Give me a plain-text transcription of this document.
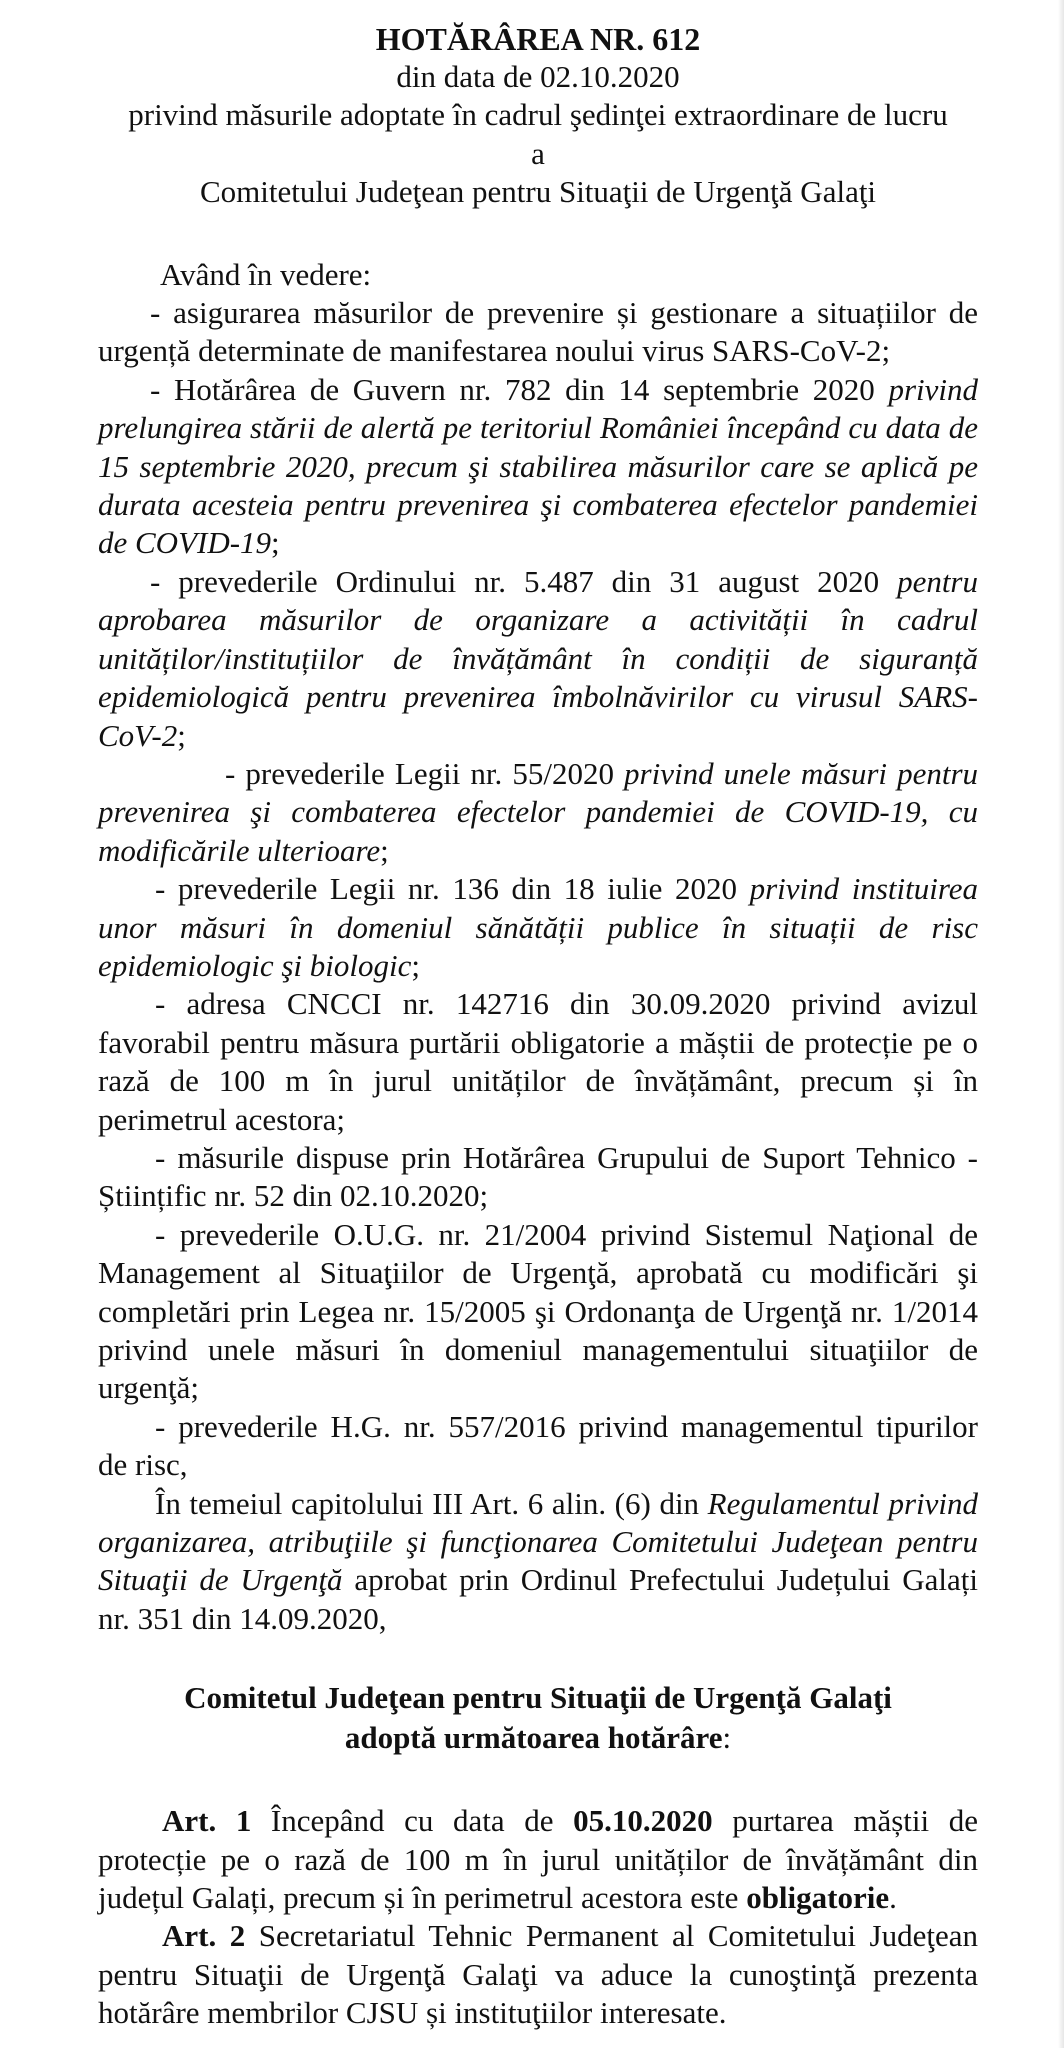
HOTĂRÂREA NR. 612
din data de 02.10.2020
privind măsurile adoptate în cadrul şedinţei extraordinare de lucru
a
Comitetului Judeţean pentru Situaţii de Urgenţă Galaţi

Având în vedere:

- asigurarea măsurilor de prevenire și gestionare a situațiilor de urgență determinate de manifestarea noului virus SARS-CoV-2;

- Hotărârea de Guvern nr. 782 din 14 septembrie 2020 privind prelungirea stării de alertă pe teritoriul României începând cu data de 15 septembrie 2020, precum şi stabilirea măsurilor care se aplică pe durata acesteia pentru prevenirea şi combaterea efectelor pandemiei de COVID-19;

- prevederile Ordinului nr. 5.487 din 31 august 2020 pentru aprobarea măsurilor de organizare a activității în cadrul unităților/instituțiilor de învățământ în condiții de siguranță epidemiologică pentru prevenirea îmbolnăvirilor cu virusul SARS-CoV-2;

- prevederile Legii nr. 55/2020 privind unele măsuri pentru prevenirea şi combaterea efectelor pandemiei de COVID-19, cu modificările ulterioare;

- prevederile Legii nr. 136 din 18 iulie 2020 privind instituirea unor măsuri în domeniul sănătății publice în situații de risc epidemiologic şi biologic;

- adresa CNCCI nr. 142716 din 30.09.2020 privind avizul favorabil pentru măsura purtării obligatorie a măștii de protecție pe o rază de 100 m în jurul unităților de învățământ, precum și în perimetrul acestora;

- măsurile dispuse prin Hotărârea Grupului de Suport Tehnico - Științific nr. 52 din 02.10.2020;

- prevederile O.U.G. nr. 21/2004 privind Sistemul Naţional de Management al Situaţiilor de Urgenţă, aprobată cu modificări şi completări prin Legea nr. 15/2005 şi Ordonanţa de Urgenţă nr. 1/2014 privind unele măsuri în domeniul managementului situaţiilor de urgenţă;

- prevederile H.G. nr. 557/2016 privind managementul tipurilor de risc,

În temeiul capitolului III Art. 6 alin. (6) din Regulamentul privind organizarea, atribuţiile şi funcţionarea Comitetului Judeţean pentru Situaţii de Urgenţă aprobat prin Ordinul Prefectului Județului Galați nr. 351 din 14.09.2020,

Comitetul Judeţean pentru Situaţii de Urgenţă Galaţi
adoptă următoarea hotărâre:

Art. 1 Începând cu data de 05.10.2020 purtarea măștii de protecție pe o rază de 100 m în jurul unităților de învățământ din județul Galați, precum și în perimetrul acestora este obligatorie.

Art. 2 Secretariatul Tehnic Permanent al Comitetului Judeţean pentru Situaţii de Urgenţă Galaţi va aduce la cunoştinţă prezenta hotărâre membrilor CJSU și instituţiilor interesate.
